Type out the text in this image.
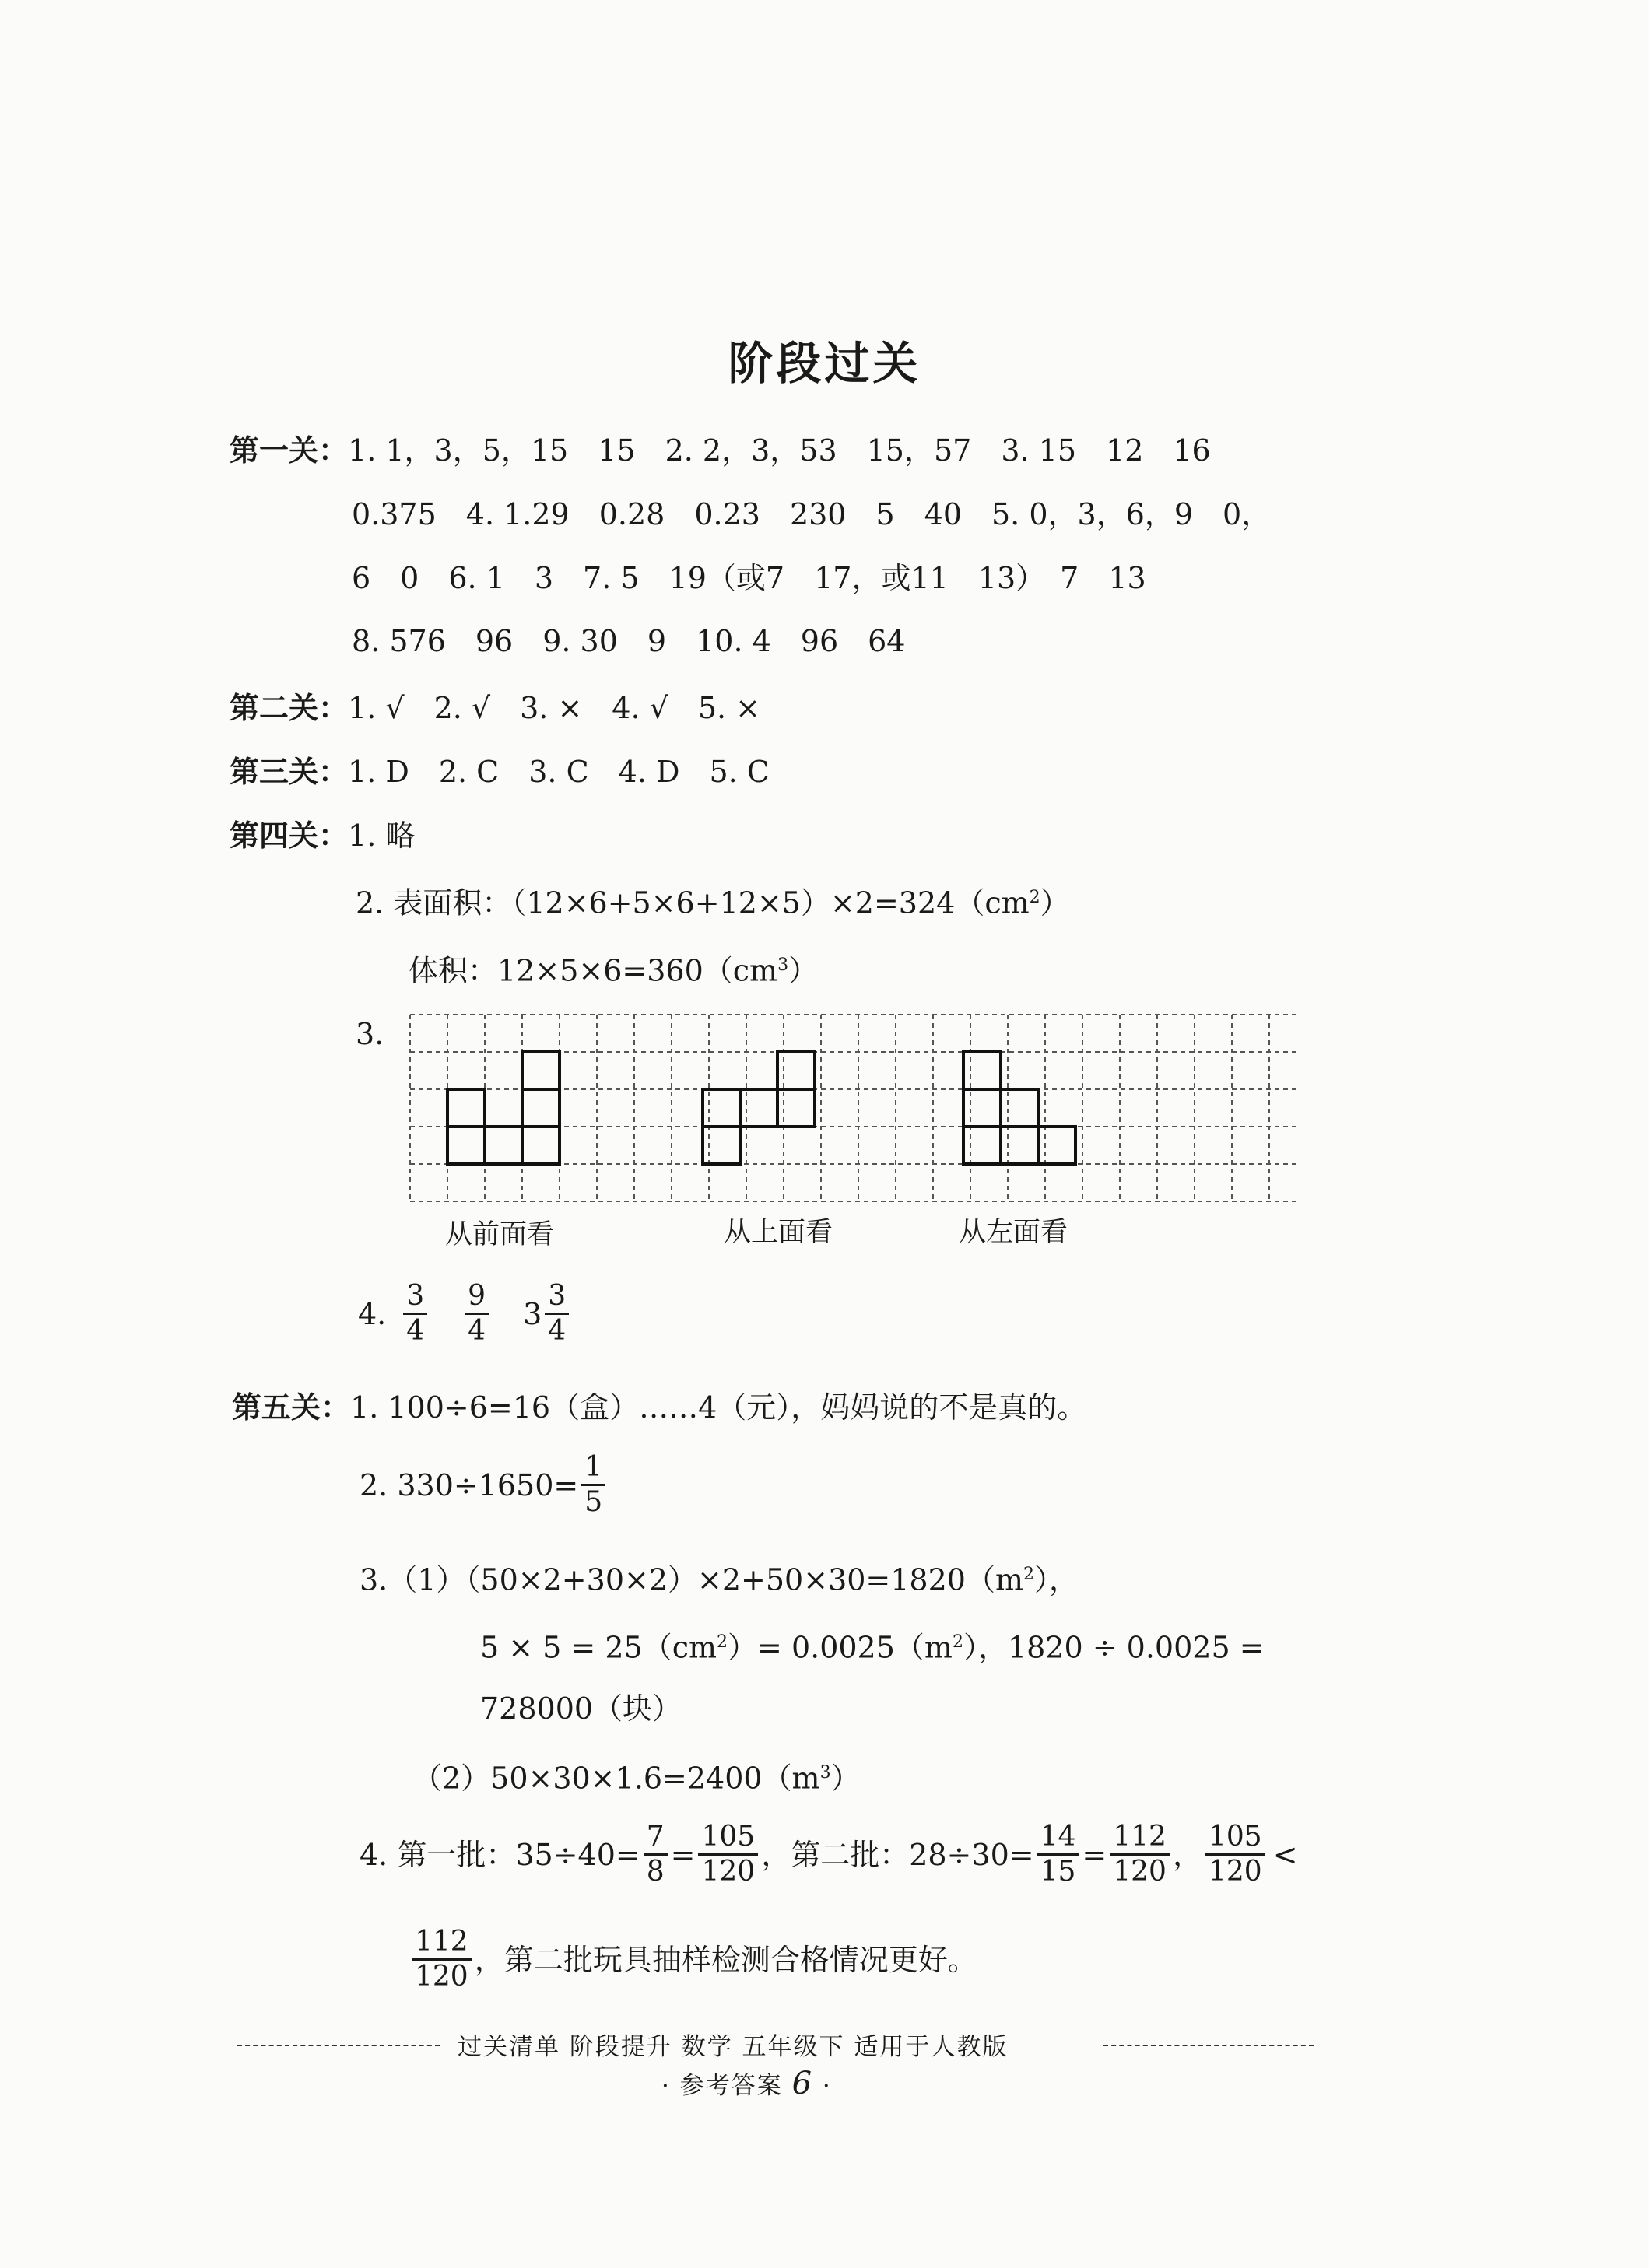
阶段过关
第一关：1. 1，3，5，15　15　2. 2，3，53　15，57　3. 15　12　16
0.375　4. 1.29　0.28　0.23　230　5　40　5. 0，3，6，9　0，
6　0　6. 1　3　7. 5　19（或7　17，或11　13）　7　13
8. 576　96　9. 30　9　10. 4　96　64
第二关：1. √　2. √　3. ×　4. √　5. ×
第三关：1. D　2. C　3. C　4. D　5. C
第四关：1. 略
2. 表面积：$(12\times 6+5\times 6+12\times 5)\times 2=324(cm^2)$
体积：$12\times 5\times 6=360(cm^3)$
3.
从前面看	从上面看	从左面看
4. $\frac{3}{4} \frac{9}{4} 3 \frac{3}{4}$
第五关：1. 100÷6=16（盒）……4（元），妈妈说的不是真的。
2. $330\div 1650= \frac{1}{5}$
$3.(1)(50\times 2+30\times 2)\times 2+50\times 30=1820(m^2)$，
$5 \times 5 = 25(cm^2)= 0.0025(m^2)$，1820 ÷ 0.0025 =
728000（块）
$(2)50\times 30\times 1.6=2400(m^3)$
4. 第一批：$35\div 40= \frac{7}{8} = \frac{105}{120}$ ，第二批：$28\div 30= \frac{14}{15} = \frac{112}{120}$ ， $\frac{105}{120}$ <
$\frac{112}{120}$ ，第二批玩具抽样检测合格情况更好。
过关清单 阶段提升 数学 五年级下 适用于人教版
· 参考答案 6 ·
